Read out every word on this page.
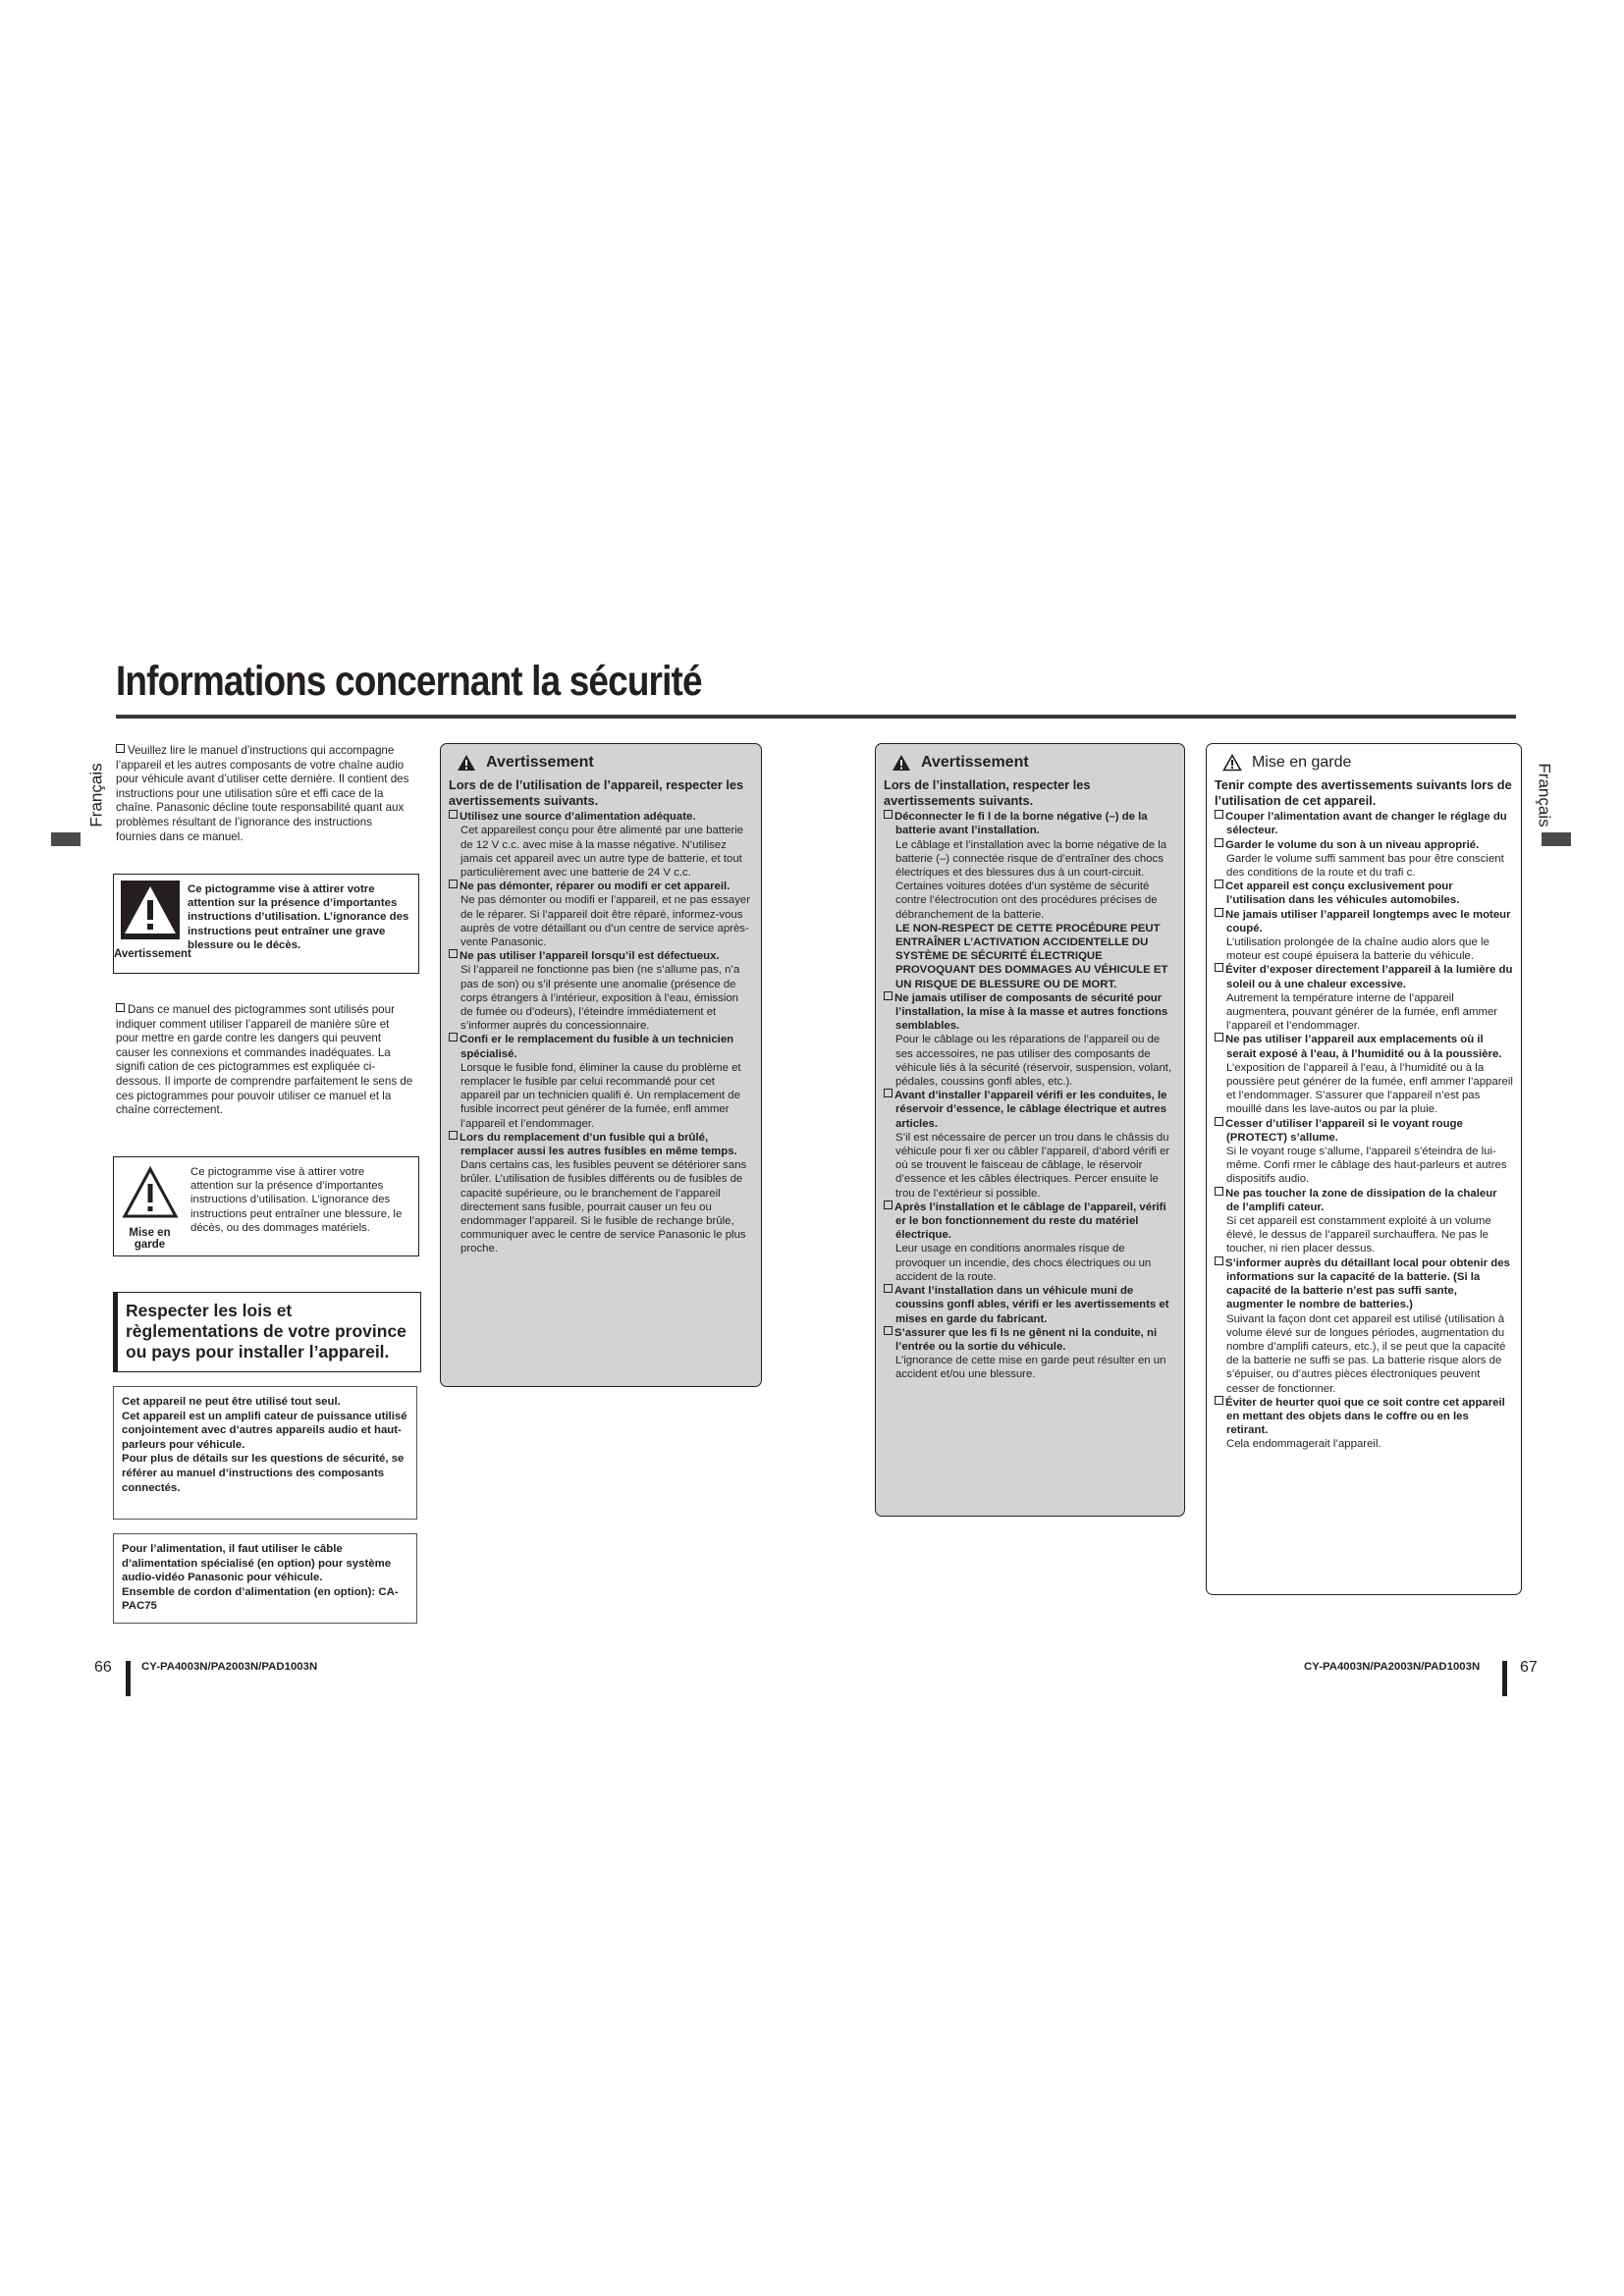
Informations concernant la sécurité
Français	Français

Veuillez lire le manuel d’instructions qui accompagne l’appareil et les autres composants de votre chaîne audio pour véhicule avant d’utiliser cette dernière. Il contient des instructions pour une utilisation sûre et effi cace de la chaîne. Panasonic décline toute responsabilité quant aux problèmes résultant de l’ignorance des instructions fournies dans ce manuel.

Avertissement
Ce pictogramme vise à attirer votre attention sur la présence d’importantes instructions d’utilisation. L’ignorance des instructions peut entraîner une grave blessure ou le décès.

Dans ce manuel des pictogrammes sont utilisés pour indiquer comment utiliser l’appareil de manière sûre et pour mettre en garde contre les dangers qui peuvent causer les connexions et commandes inadéquates. La signifi cation de ces pictogrammes est expliquée ci-dessous. Il importe de comprendre parfaitement le sens de ces pictogrammes pour pouvoir utiliser ce manuel et la chaîne correctement.

Mise en garde
Ce pictogramme vise à attirer votre attention sur la présence d’importantes instructions d’utilisation. L’ignorance des instructions peut entraîner une blessure, le décès, ou des dommages matériels.
Respecter les lois et règlementations de votre province ou pays pour installer l’appareil.

Cet appareil ne peut être utilisé tout seul.

Cet appareil est un amplifi cateur de puissance utilisé conjointement avec d’autres appareils audio et haut-parleurs pour véhicule.

Pour plus de détails sur les questions de sécurité, se référer au manuel d’instructions des composants connectés.

Pour l’alimentation, il faut utiliser le câble d’alimentation spécialisé (en option) pour système audio-vidéo Panasonic pour véhicule.

Ensemble de cordon d’alimentation (en option): CA-PAC75

Avertissement

Lors de de l’utilisation de l’appareil, respecter les avertissements suivants.

Utilisez une source d’alimentation adéquate.
Cet appareilest conçu pour être alimenté par une batterie de 12 V c.c. avec mise à la masse négative. N’utilisez jamais cet appareil avec un autre type de batterie, et tout particulièrement avec une batterie de 24 V c.c.
Ne pas démonter, réparer ou modifi er cet appareil.
Ne pas démonter ou modifi er l’appareil, et ne pas essayer de le réparer. Si l’appareil doit être réparé, informez-vous auprès de votre détaillant ou d’un centre de service après-vente Panasonic.
Ne pas utiliser l’appareil lorsqu’il est défectueux.
Si l’appareil ne fonctionne pas bien (ne s’allume pas, n’a pas de son) ou s’il présente une anomalie (présence de corps étrangers à l’intérieur, exposition à l’eau, émission de fumée ou d’odeurs), l’éteindre immédiatement et s’informer auprès du concessionnaire.
Confi er le remplacement du fusible à un technicien spécialisé.
Lorsque le fusible fond, éliminer la cause du problème et remplacer le fusible par celui recommandé pour cet appareil par un technicien qualifi é. Un remplacement de fusible incorrect peut générer de la fumée, enfl ammer l’appareil et l’endommager.
Lors du remplacement d’un fusible qui a brûlé, remplacer aussi les autres fusibles en même temps.
Dans certains cas, les fusibles peuvent se détériorer sans brûler. L’utilisation de fusibles différents ou de fusibles de capacité supérieure, ou le branchement de l’appareil directement sans fusible, pourrait causer un feu ou endommager l’appareil. Si le fusible de rechange brûle, communiquer avec le centre de service Panasonic le plus proche.
Avertissement

Lors de l’installation, respecter les avertissements suivants.

Déconnecter le fi l de la borne négative (–) de la batterie avant l’installation.
Le câblage et l’installation avec la borne négative de la batterie (–) connectée risque de d’entraîner des chocs électriques et des blessures dus à un court-circuit. Certaines voitures dotées d’un système de sécurité contre l’électrocution ont des procédures précises de débranchement de la batterie.
LE NON-RESPECT DE CETTE PROCÉDURE PEUT ENTRAÎNER L’ACTIVATION ACCIDENTELLE DU SYSTÈME DE SÉCURITÉ ÉLECTRIQUE PROVOQUANT DES DOMMAGES AU VÉHICULE ET UN RISQUE DE BLESSURE OU DE MORT.
Ne jamais utiliser de composants de sécurité pour l’installation, la mise à la masse et autres fonctions semblables.
Pour le câblage ou les réparations de l’appareil ou de ses accessoires, ne pas utiliser des composants de véhicule liés à la sécurité (réservoir, suspension, volant, pédales, coussins gonfl ables, etc.).
Avant d’installer l’appareil vérifi er les conduites, le réservoir d’essence, le câblage électrique et autres articles.
S’il est nécessaire de percer un trou dans le châssis du véhicule pour fi xer ou câbler l’appareil, d’abord vérifi er où se trouvent le faisceau de câblage, le réservoir d’essence et les câbles électriques. Percer ensuite le trou de l’extérieur si possible.
Après l’installation et le câblage de l’appareil, vérifi er le bon fonctionnement du reste du matériel électrique.
Leur usage en conditions anormales risque de provoquer un incendie, des chocs électriques ou un accident de la route.
Avant l’installation dans un véhicule muni de coussins gonfl ables, vérifi er les avertissements et mises en garde du fabricant.
S’assurer que les fi ls ne gênent ni la conduite, ni l’entrée ou la sortie du véhicule.
L’ignorance de cette mise en garde peut résulter en un accident et/ou une blessure.
Mise en garde

Tenir compte des avertissements suivants lors de l’utilisation de cet appareil.

Couper l’alimentation avant de changer le réglage du sélecteur.
Garder le volume du son à un niveau approprié.
Garder le volume suffi samment bas pour être conscient des conditions de la route et du trafi c.
Cet appareil est conçu exclusivement pour l’utilisation dans les véhicules automobiles.
Ne jamais utiliser l’appareil longtemps avec le moteur coupé.
L’utilisation prolongée de la chaîne audio alors que le moteur est coupé épuisera la batterie du véhicule.
Éviter d’exposer directement l’appareil à la lumière du soleil ou à une chaleur excessive.
Autrement la température interne de l’appareil augmentera, pouvant générer de la fumée, enfl ammer l’appareil et l’endommager.
Ne pas utiliser l’appareil aux emplacements où il serait exposé à l’eau, à l’humidité ou à la poussière.
L’exposition de l’appareil à l’eau, à l’humidité ou à la poussière peut générer de la fumée, enfl ammer l’appareil et l’endommager. S’assurer que l’appareil n’est pas mouillé dans les lave-autos ou par la pluie.
Cesser d’utiliser l’appareil si le voyant rouge (PROTECT) s’allume.
Si le voyant rouge s’allume, l’appareil s’éteindra de lui-même. Confi rmer le câblage des haut-parleurs et autres dispositifs audio.
Ne pas toucher la zone de dissipation de la chaleur de l’amplifi cateur.
Si cet appareil est constamment exploité à un volume élevé, le dessus de l’appareil surchauffera. Ne pas le toucher, ni rien placer dessus.
S’informer auprès du détaillant local pour obtenir des informations sur la capacité de la batterie. (Si la capacité de la batterie n’est pas suffi sante, augmenter le nombre de batteries.)
Suivant la façon dont cet appareil est utilisé (utilisation à volume élevé sur de longues périodes, augmentation du nombre d’amplifi cateurs, etc.), il se peut que la capacité de la batterie ne suffi se pas. La batterie risque alors de s’épuiser, ou d’autres pièces électroniques peuvent cesser de fonctionner.
Éviter de heurter quoi que ce soit contre cet appareil en mettant des objets dans le coffre ou en les retirant.
Cela endommagerait l’appareil.
66	CY-PA4003N/PA2003N/PAD1003N	CY-PA4003N/PA2003N/PAD1003N	67
